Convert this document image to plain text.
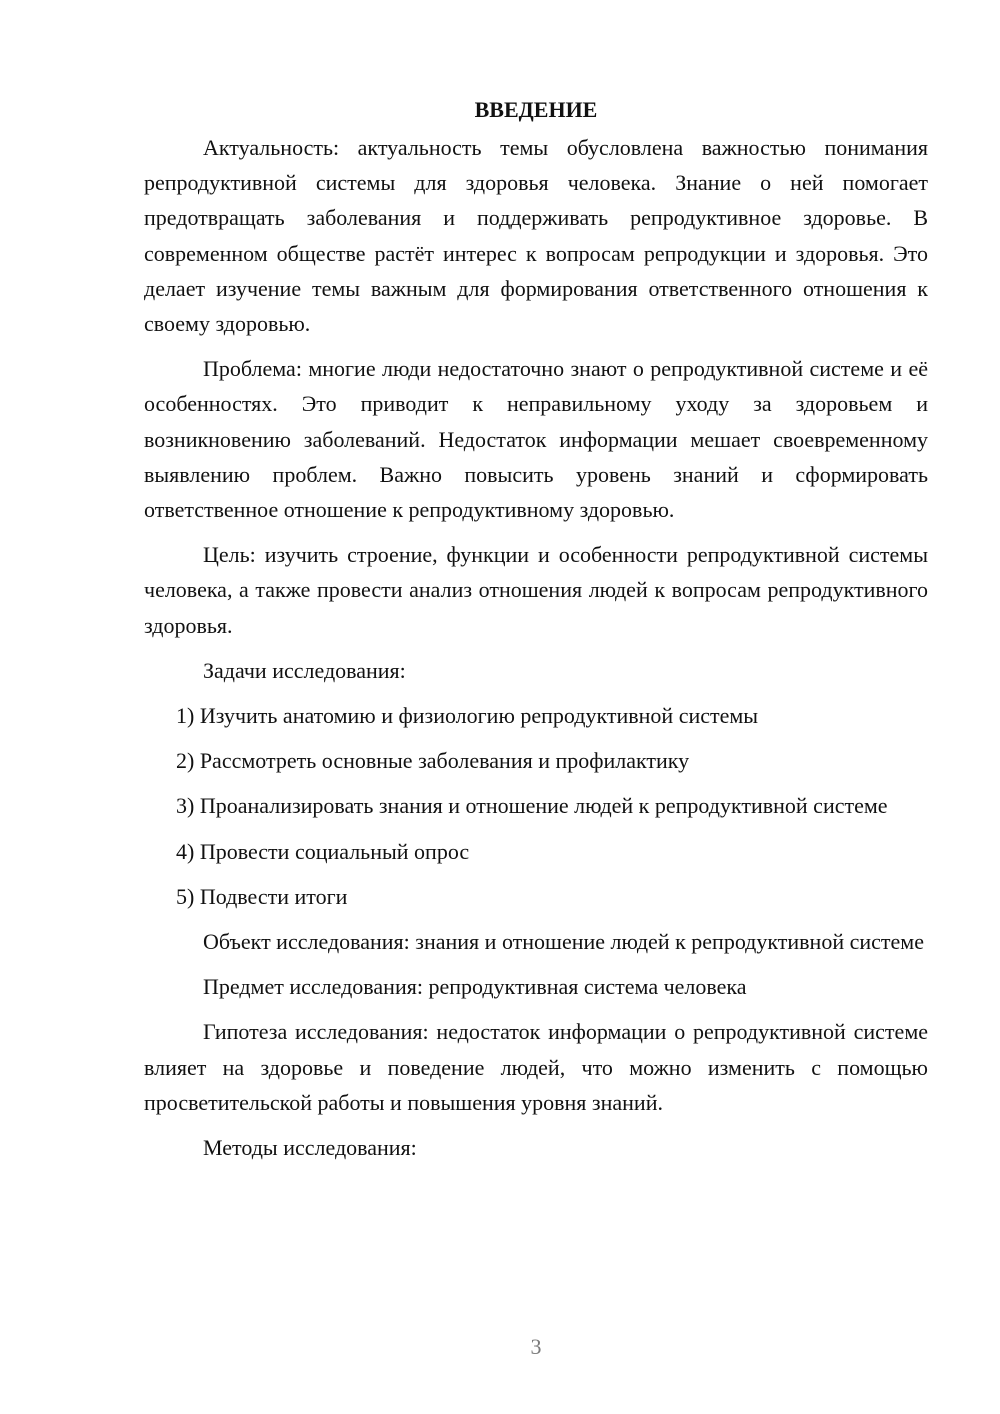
ВВЕДЕНИЕ

Актуальность: актуальность темы обусловлена важностью понимания репродуктивной системы для здоровья человека. Знание о ней помогает предотвращать заболевания и поддерживать репродуктивное здоровье. В современном обществе растёт интерес к вопросам репродукции и здоровья. Это делает изучение темы важным для формирования ответственного отношения к своему здоровью.

Проблема: многие люди недостаточно знают о репродуктивной системе и её особенностях. Это приводит к неправильному уходу за здоровьем и возникновению заболеваний. Недостаток информации мешает своевременному выявлению проблем. Важно повысить уровень знаний и сформировать ответственное отношение к репродуктивному здоровью.

Цель: изучить строение, функции и особенности репродуктивной системы человека, а также провести анализ отношения людей к вопросам репродуктивного здоровья.

Задачи исследования:

1) Изучить анатомию и физиологию репродуктивной системы

2) Рассмотреть основные заболевания и профилактику

3) Проанализировать знания и отношение людей к репродуктивной системе

4) Провести социальный опрос

5) Подвести итоги

Объект исследования: знания и отношение людей к репродуктивной системе

Предмет исследования: репродуктивная система человека

Гипотеза исследования: недостаток информации о репродуктивной системе влияет на здоровье и поведение людей, что можно изменить с помощью просветительской работы и повышения уровня знаний.

Методы исследования:

3
